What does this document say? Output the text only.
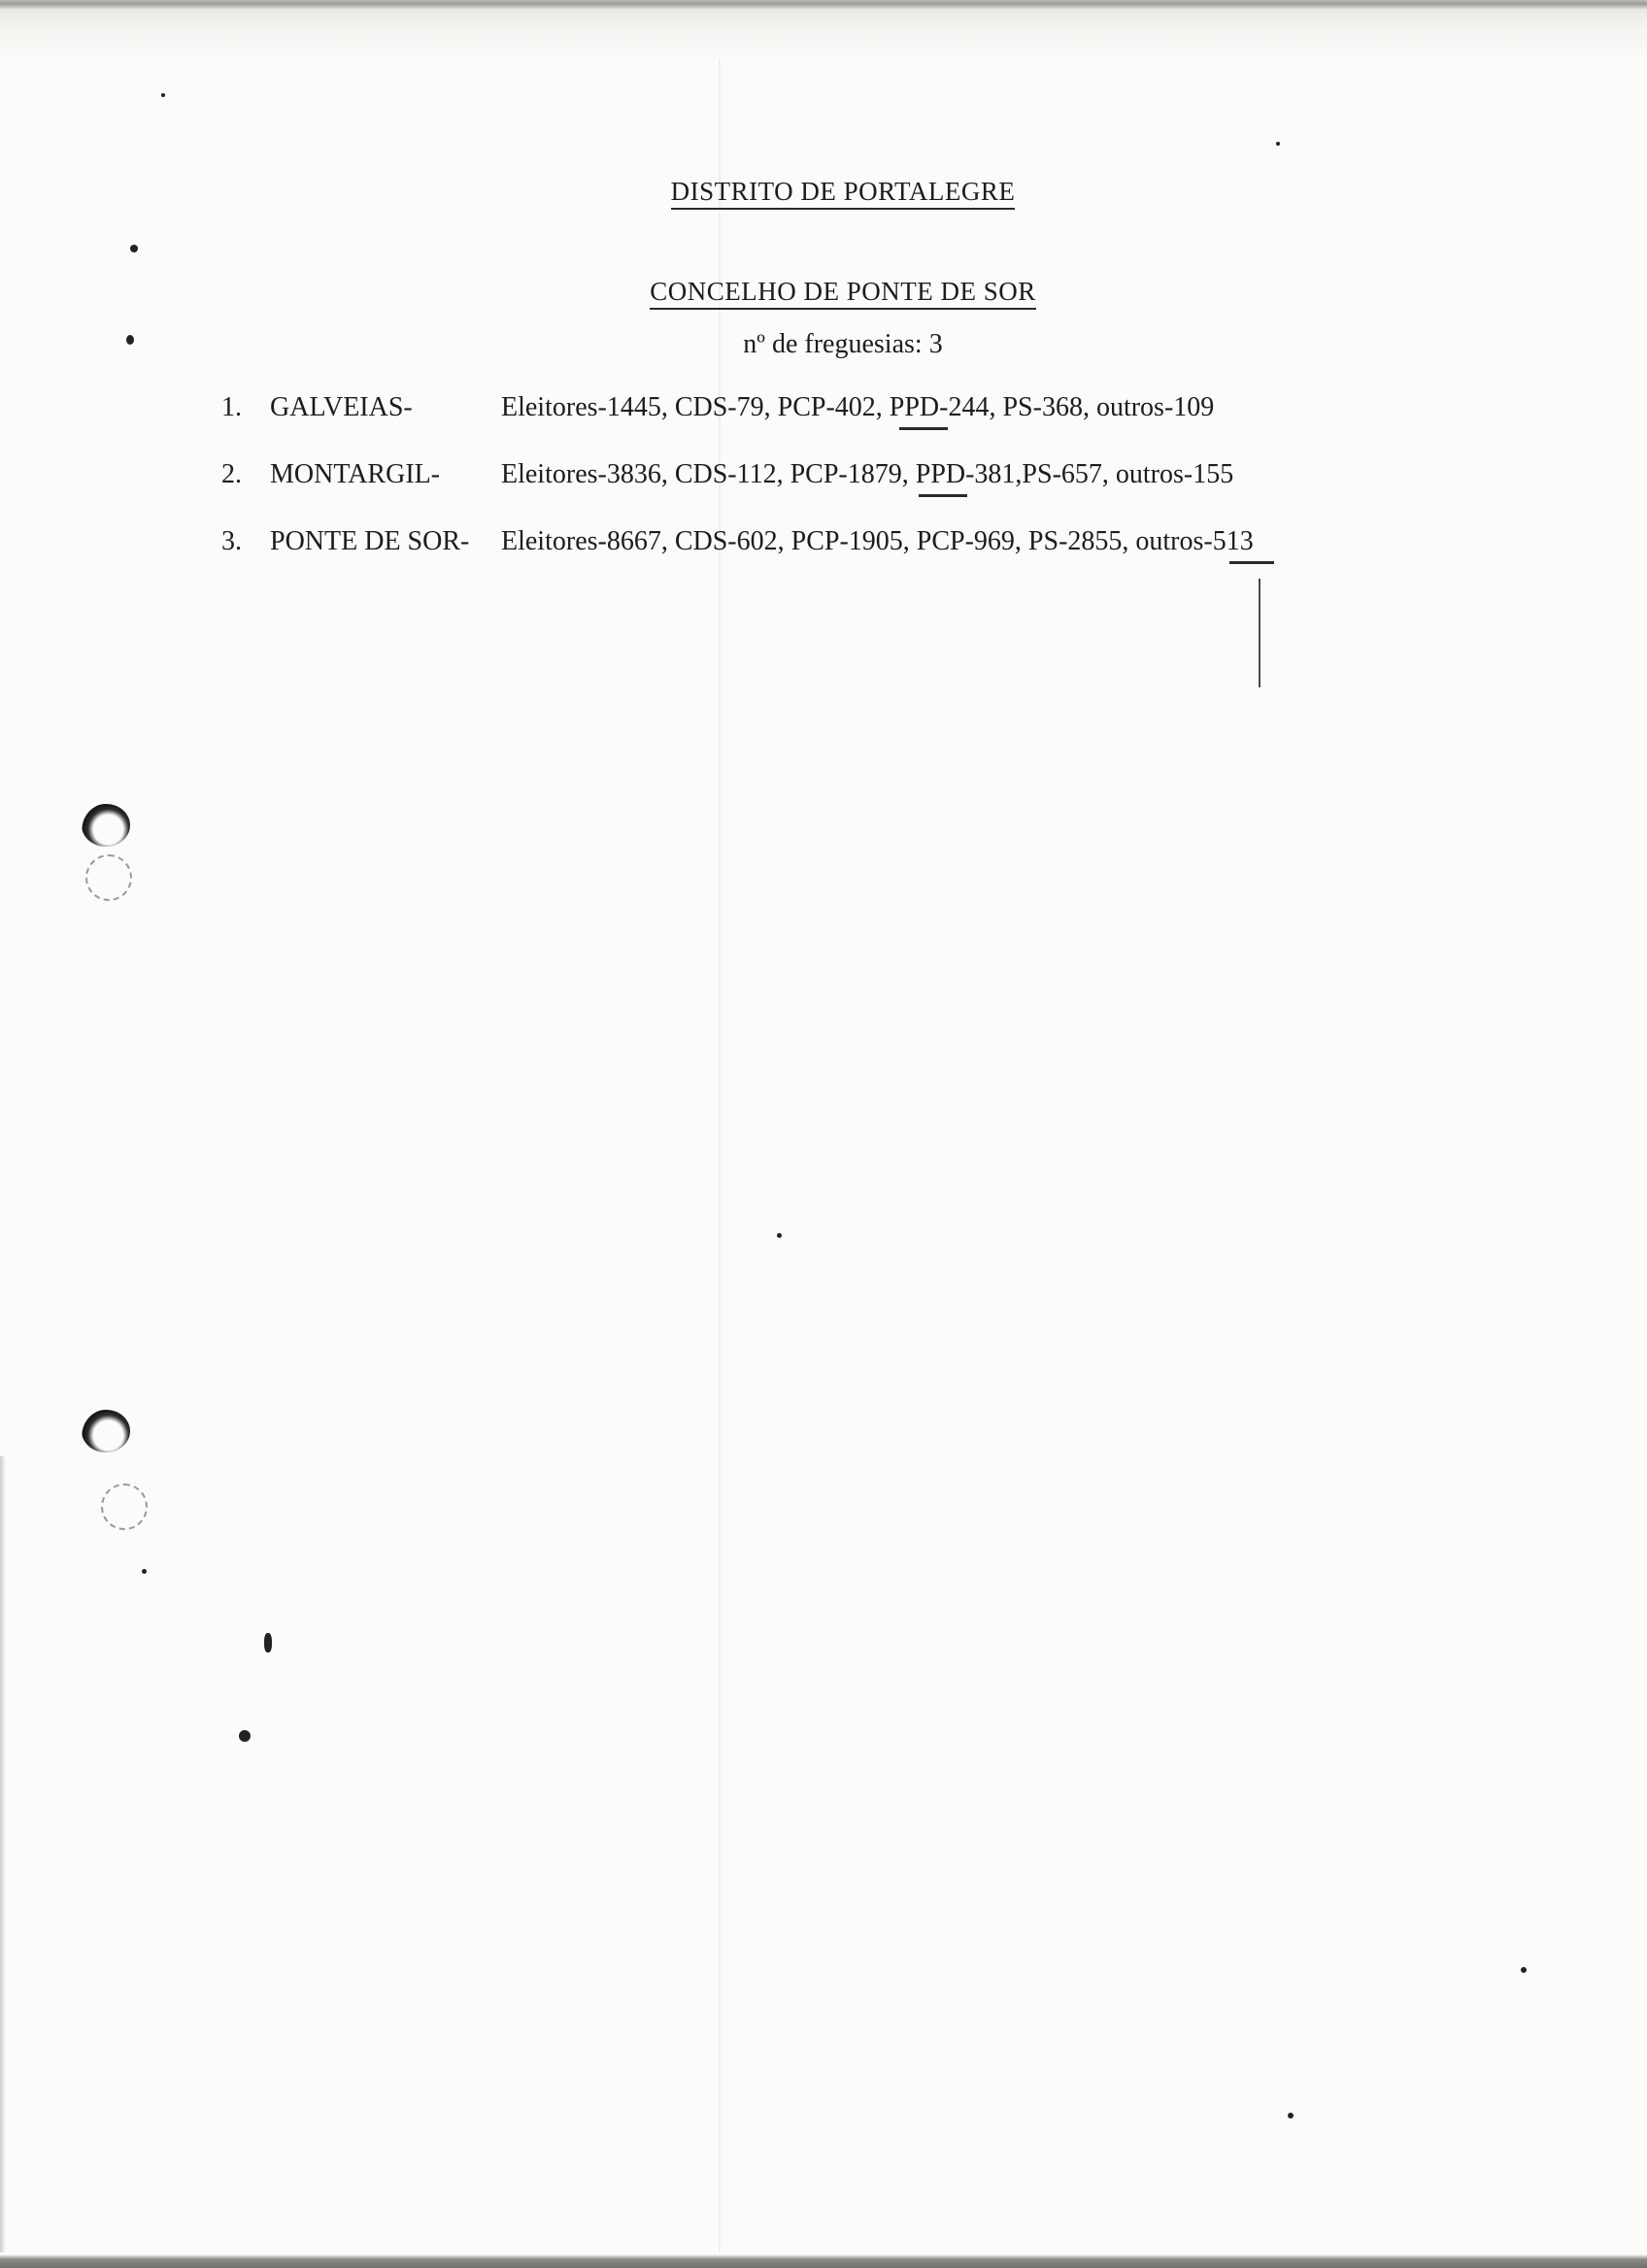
DISTRITO DE PORTALEGRE
CONCELHO DE PONTE DE SOR
nº de freguesias: 3
1. GALVEIAS-	Eleitores-1445, CDS-79, PCP-402, PPD-244, PS-368, outros-109
2. MONTARGIL- Eleitores-3836, CDS-112, PCP-1879, PPD-381,PS-657, outros-155
3. PONTE DE SOR- Eleitores-8667, CDS-602, PCP-1905, PCP-969, PS-2855, outros-513
